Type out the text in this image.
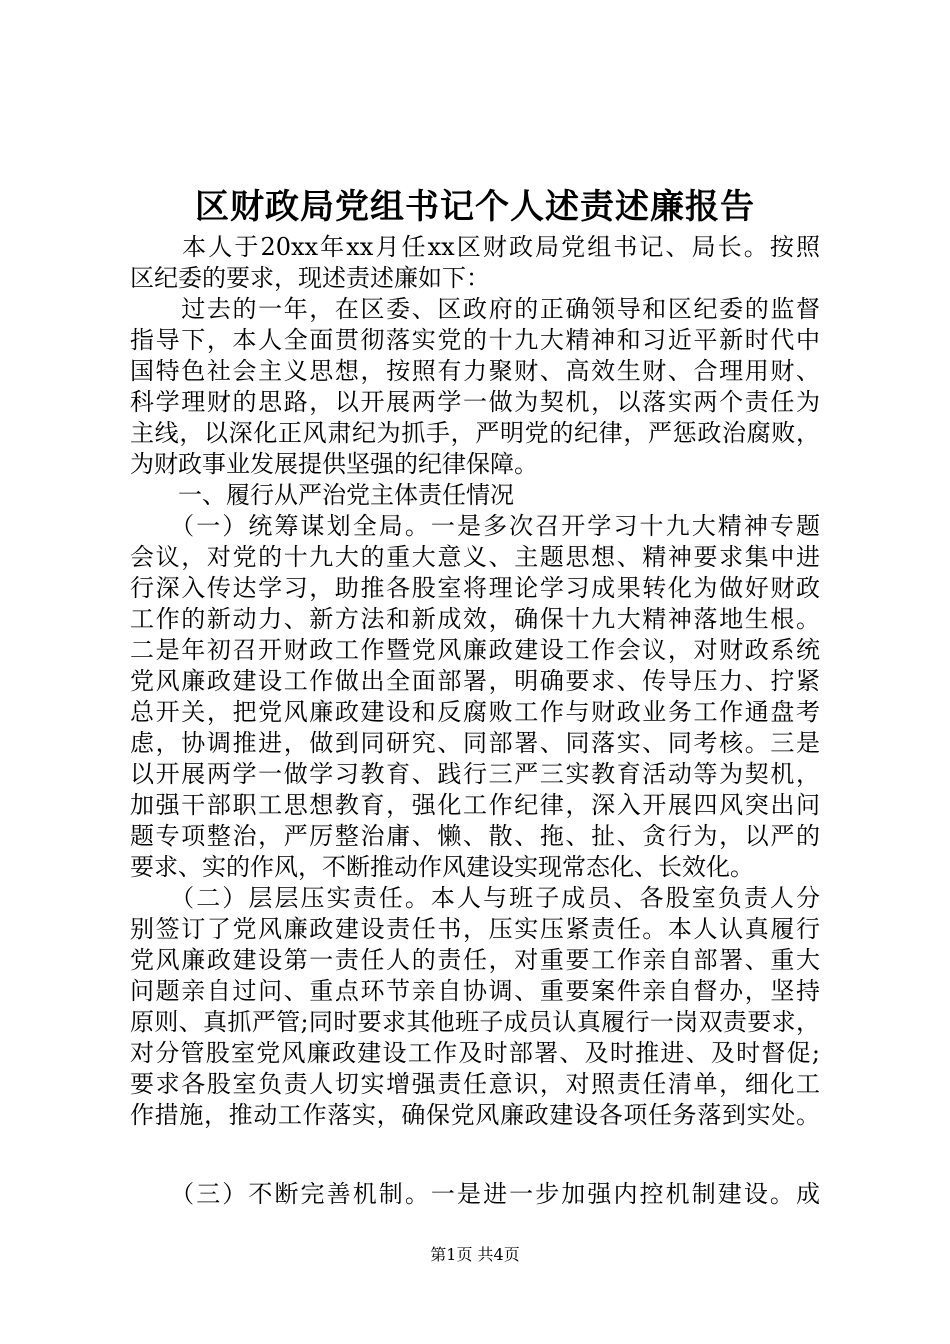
区财政局党组书记个人述责述廉报告
　　本人于20xx年xx月任xx区财政局党组书记、局长。按照
区纪委的要求，现述责述廉如下：
　　过去的一年，在区委、区政府的正确领导和区纪委的监督
指导下，本人全面贯彻落实党的十九大精神和习近平新时代中
国特色社会主义思想，按照有力聚财、高效生财、合理用财、
科学理财的思路，以开展两学一做为契机，以落实两个责任为
主线，以深化正风肃纪为抓手，严明党的纪律，严惩政治腐败，
为财政事业发展提供坚强的纪律保障。
　　一、履行从严治党主体责任情况
　　（一）统筹谋划全局。一是多次召开学习十九大精神专题
会议，对党的十九大的重大意义、主题思想、精神要求集中进
行深入传达学习，助推各股室将理论学习成果转化为做好财政
工作的新动力、新方法和新成效，确保十九大精神落地生根。
二是年初召开财政工作暨党风廉政建设工作会议，对财政系统
党风廉政建设工作做出全面部署，明确要求、传导压力、拧紧
总开关，把党风廉政建设和反腐败工作与财政业务工作通盘考
虑，协调推进，做到同研究、同部署、同落实、同考核。三是
以开展两学一做学习教育、践行三严三实教育活动等为契机，
加强干部职工思想教育，强化工作纪律，深入开展四风突出问
题专项整治，严厉整治庸、懒、散、拖、扯、贪行为，以严的
要求、实的作风，不断推动作风建设实现常态化、长效化。
　　（二）层层压实责任。本人与班子成员、各股室负责人分
别签订了党风廉政建设责任书，压实压紧责任。本人认真履行
党风廉政建设第一责任人的责任，对重要工作亲自部署、重大
问题亲自过问、重点环节亲自协调、重要案件亲自督办，坚持
原则、真抓严管;同时要求其他班子成员认真履行一岗双责要求，
对分管股室党风廉政建设工作及时部署、及时推进、及时督促;
要求各股室负责人切实增强责任意识，对照责任清单，细化工
作措施，推动工作落实，确保党风廉政建设各项任务落到实处。
　　（三）不断完善机制。一是进一步加强内控机制建设。成
第1页 共4页
